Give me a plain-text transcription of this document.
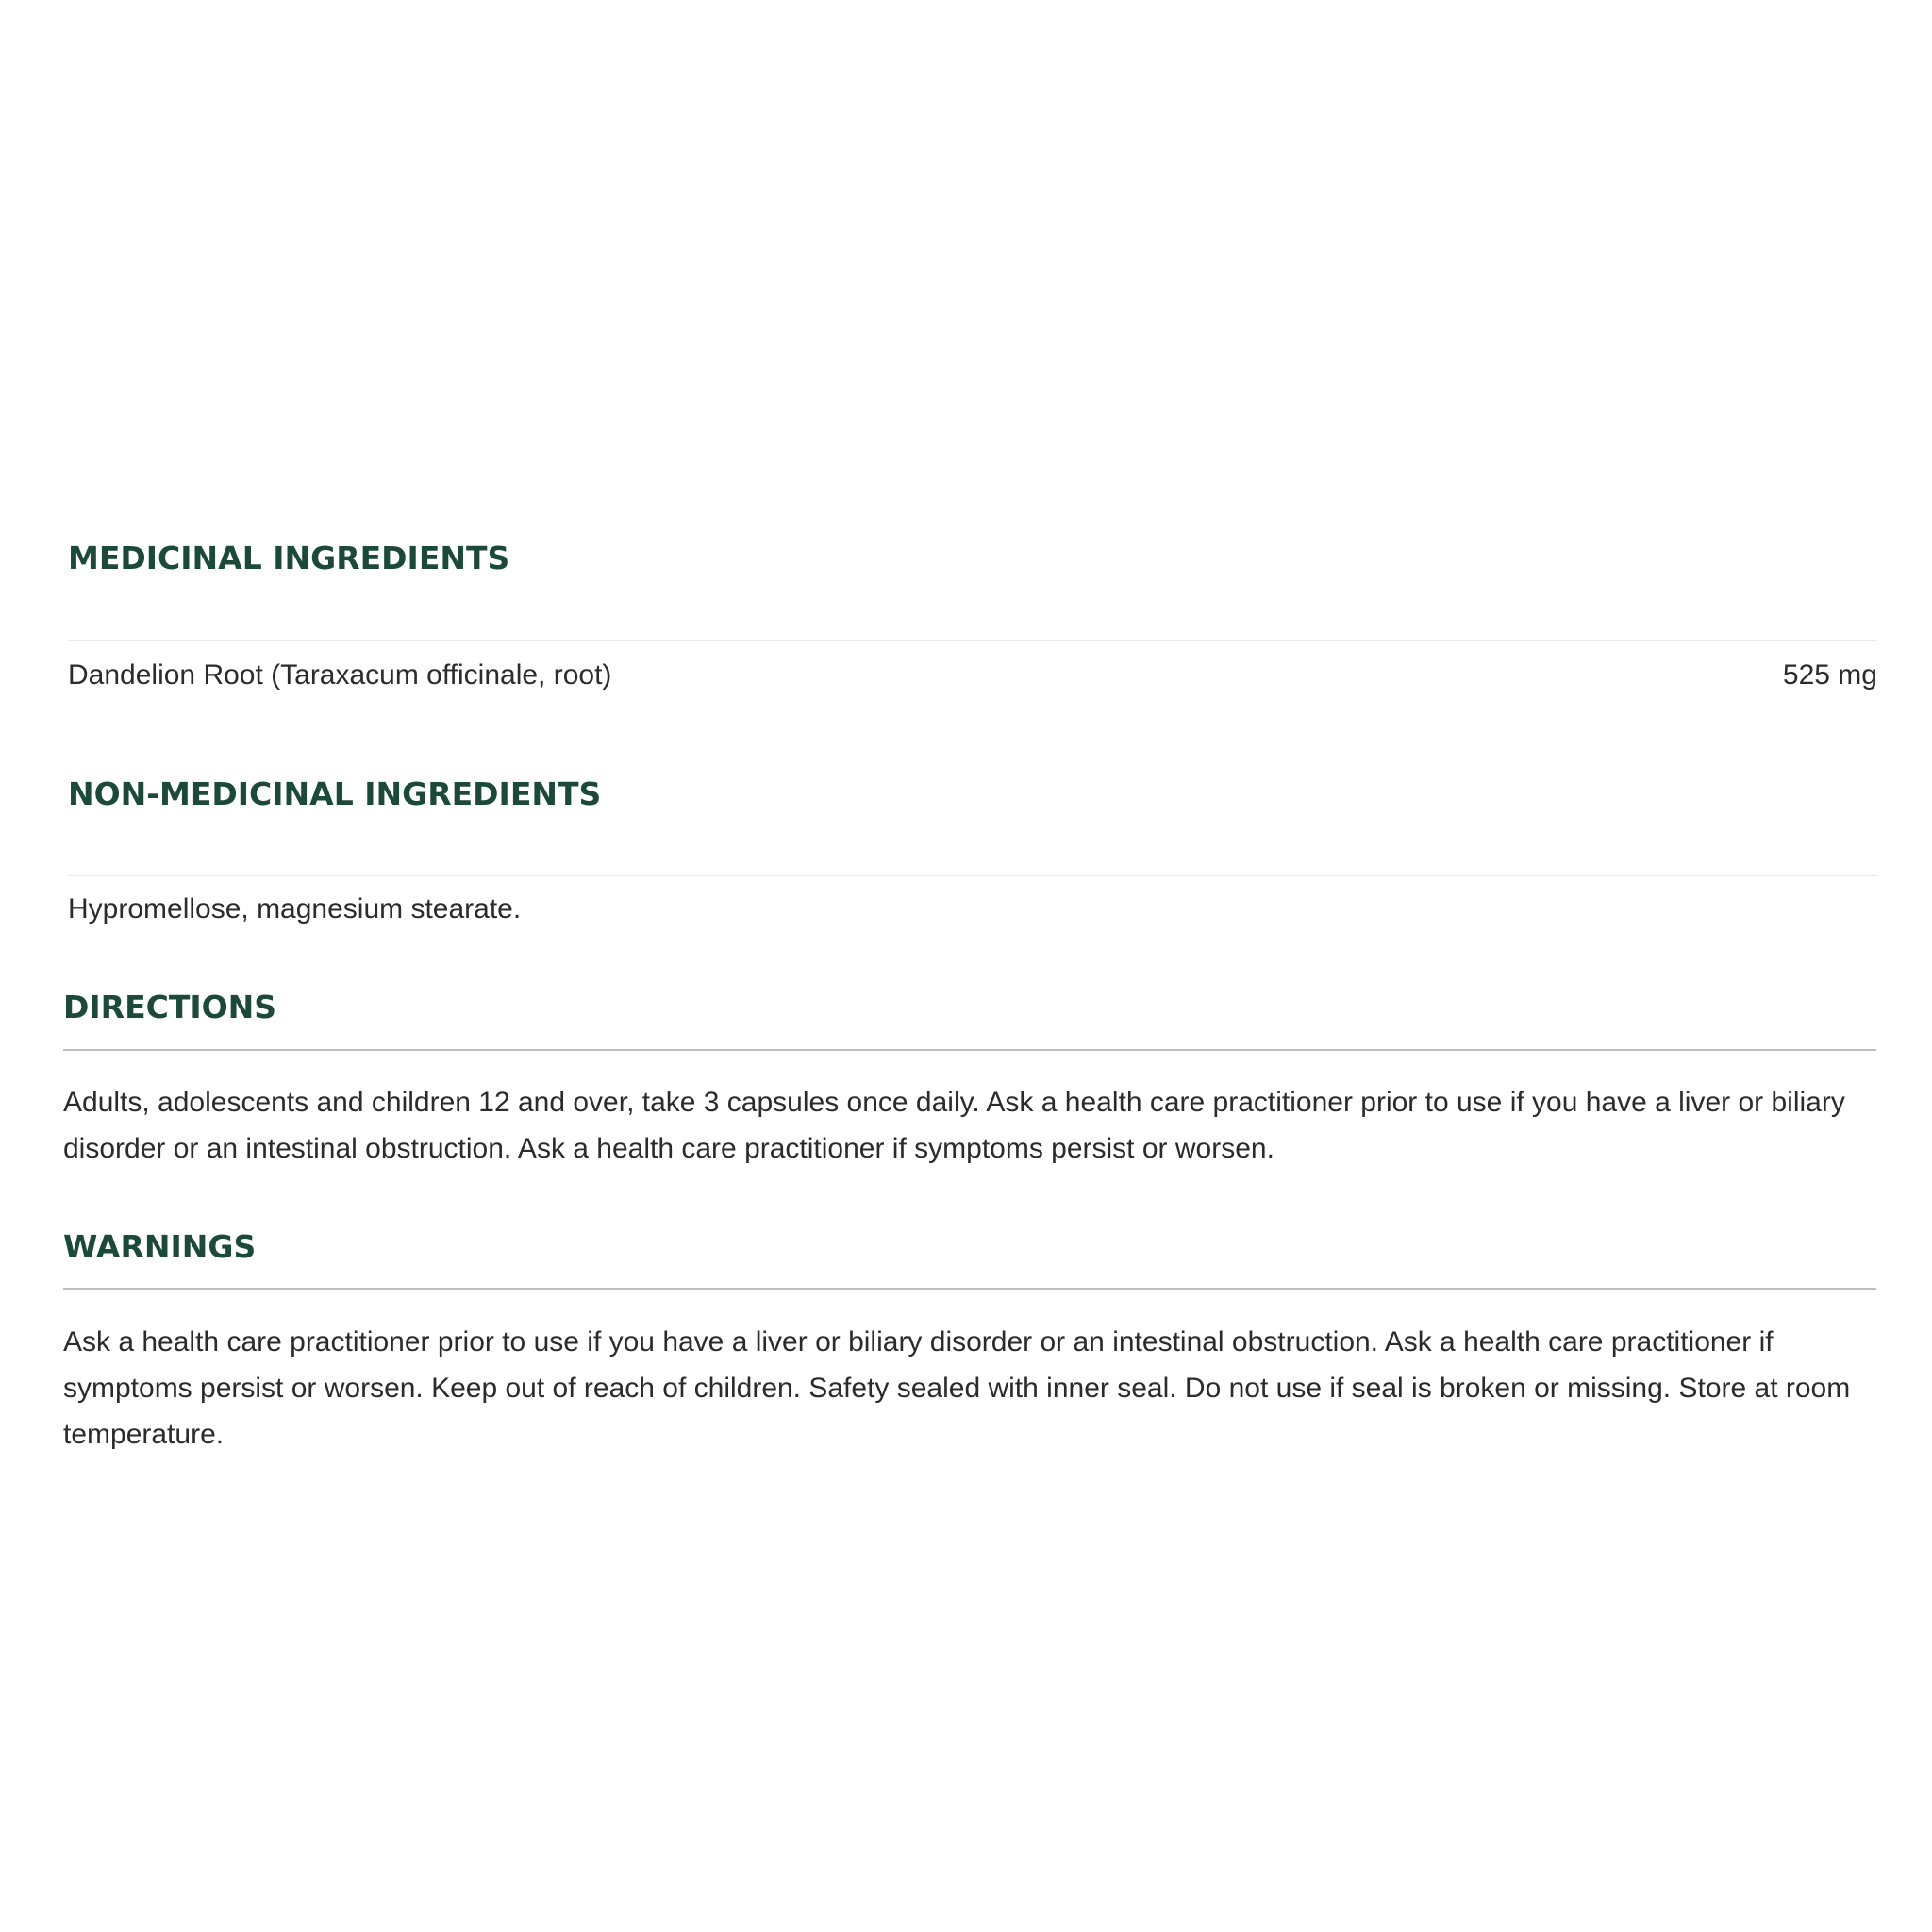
MEDICINAL INGREDIENTS

Dandelion Root (Taraxacum officinale, root)	525 mg

NON-MEDICINAL INGREDIENTS

Hypromellose, magnesium stearate.

DIRECTIONS

Adults, adolescents and children 12 and over, take 3 capsules once daily. Ask a health care practitioner prior to use if you have a liver or biliary disorder or an intestinal obstruction. Ask a health care practitioner if symptoms persist or worsen.

WARNINGS

Ask a health care practitioner prior to use if you have a liver or biliary disorder or an intestinal obstruction. Ask a health care practitioner if symptoms persist or worsen. Keep out of reach of children. Safety sealed with inner seal. Do not use if seal is broken or missing. Store at room temperature.
